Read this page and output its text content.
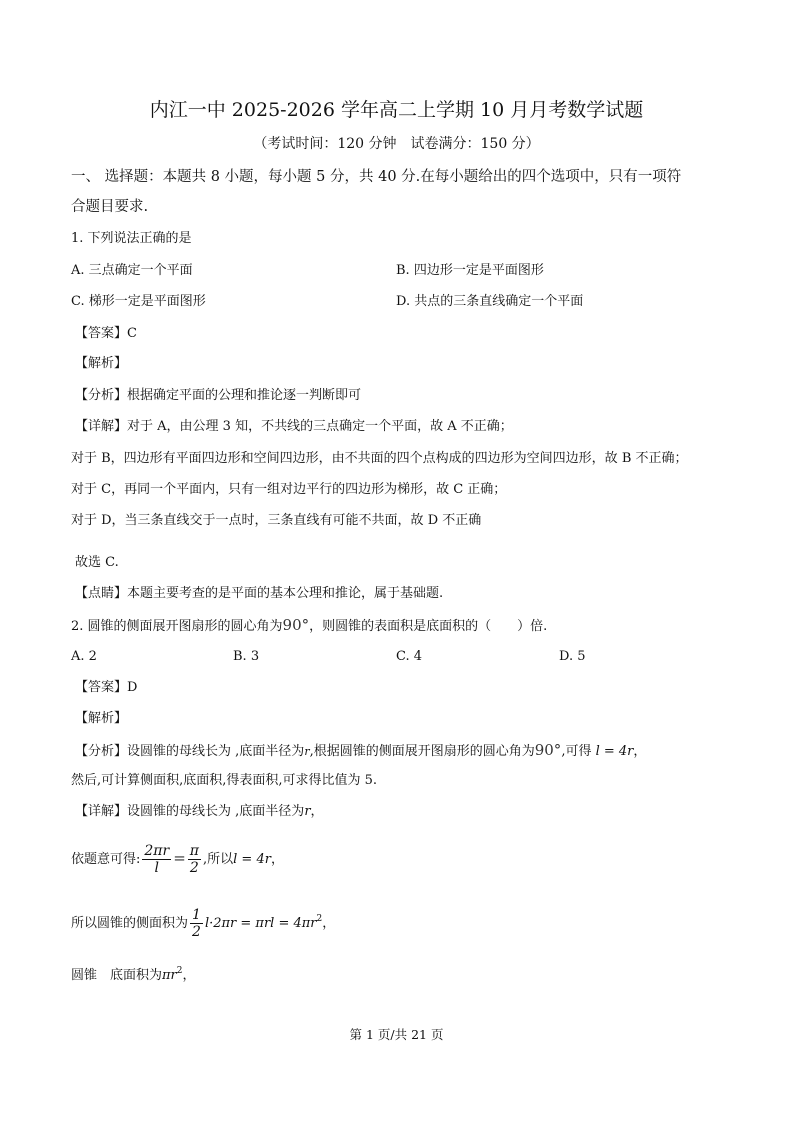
内江一中 2025-2026 学年高二上学期 10 月月考数学试题
（考试时间：120 分钟　试卷满分：150 分）
一、 选择题：本题共 8 小题，每小题 5 分，共 40 分.在每小题给出的四个选项中，只有一项符
合题目要求.
1. 下列说法正确的是
A. 三点确定一个平面	B. 四边形一定是平面图形
C. 梯形一定是平面图形	D. 共点的三条直线确定一个平面
【答案】C
【解析】
【分析】根据确定平面的公理和推论逐一判断即可
【详解】对于 A，由公理 3 知，不共线的三点确定一个平面，故 A 不正确；
对于 B，四边形有平面四边形和空间四边形，由不共面的四个点构成的四边形为空间四边形，故 B 不正确；
对于 C，再同一个平面内，只有一组对边平行的四边形为梯形，故 C 正确；
对于 D，当三条直线交于一点时，三条直线有可能不共面，故 D 不正确
故选 C.
【点睛】本题主要考查的是平面的基本公理和推论，属于基础题.
2. 圆锥的侧面展开图扇形的圆心角为90°，则圆锥的表面积是底面积的（　　）倍.
A. 2	B. 3	C. 4	D. 5
【答案】D
【解析】
【分析】设圆锥的母线长为 ,底面半径为r,根据圆锥的侧面展开图扇形的圆心角为90°,可得 l = 4r，
然后,可计算侧面积,底面积,得表面积,可求得比值为 5.
【详解】设圆锥的母线长为 ,底面半径为r，
依题意可得: $\frac{2\pi r}{l} = \frac{\pi}{2}$ ,所以l = 4r，
所以圆锥的侧面积为 $\frac{1}{2} l\cdot 2\pi r = \pi rl = 4\pi r^2$，
圆锥　底面积为$\pi r^2$，
第 1 页/共 21 页
